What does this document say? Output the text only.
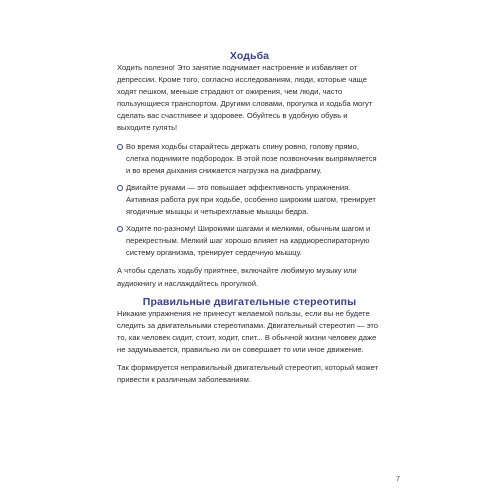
Ходьба

Ходить полезно! Это занятие поднимает настроение и избавляет от депрессии. Кроме того, согласно исследованиям, люди, которые чаще ходят пешком, меньше страдают от ожирения, чем люди, часто пользующиеся транспортом. Другими словами, прогулка и ходьба могут сделать вас счастливее и здоровее. Обуйтесь в удобную обувь и выходите гулять!

Во время ходьбы старайтесь держать спину ровно, голову прямо, слегка поднимите подбородок. В этой позе позвоночник выпрямляется и во время дыхания снижается нагрузка на диафрагму.
Двигайте руками — это повышает эффективность упражнения. Активная работа рук при ходьбе, особенно широким шагом, тренирует ягодичные мышцы и четырехглавые мышцы бедра.
Ходите по-разному! Широкими шагами и мелкими, обычным шагом и перекрестным. Мелкий шаг хорошо влияет на кардиореспираторную систему организма, тренирует сердечную мышцу.

А чтобы сделать ходьбу приятнее, включайте любимую музыку или аудиокнигу и наслаждайтесь прогулкой.

Правильные двигательные стереотипы

Никакие упражнения не принесут желаемой пользы, если вы не будете следить за двигательными стереотипами. Двигательный стереотип — это то, как человек сидит, стоит, ходит, спит... В обычной жизни человек даже не задумывается, правильно ли он совершает то или иное движение.

Так формируется неправильный двигательный стереотип, который может привести к различным заболеваниям.

7
